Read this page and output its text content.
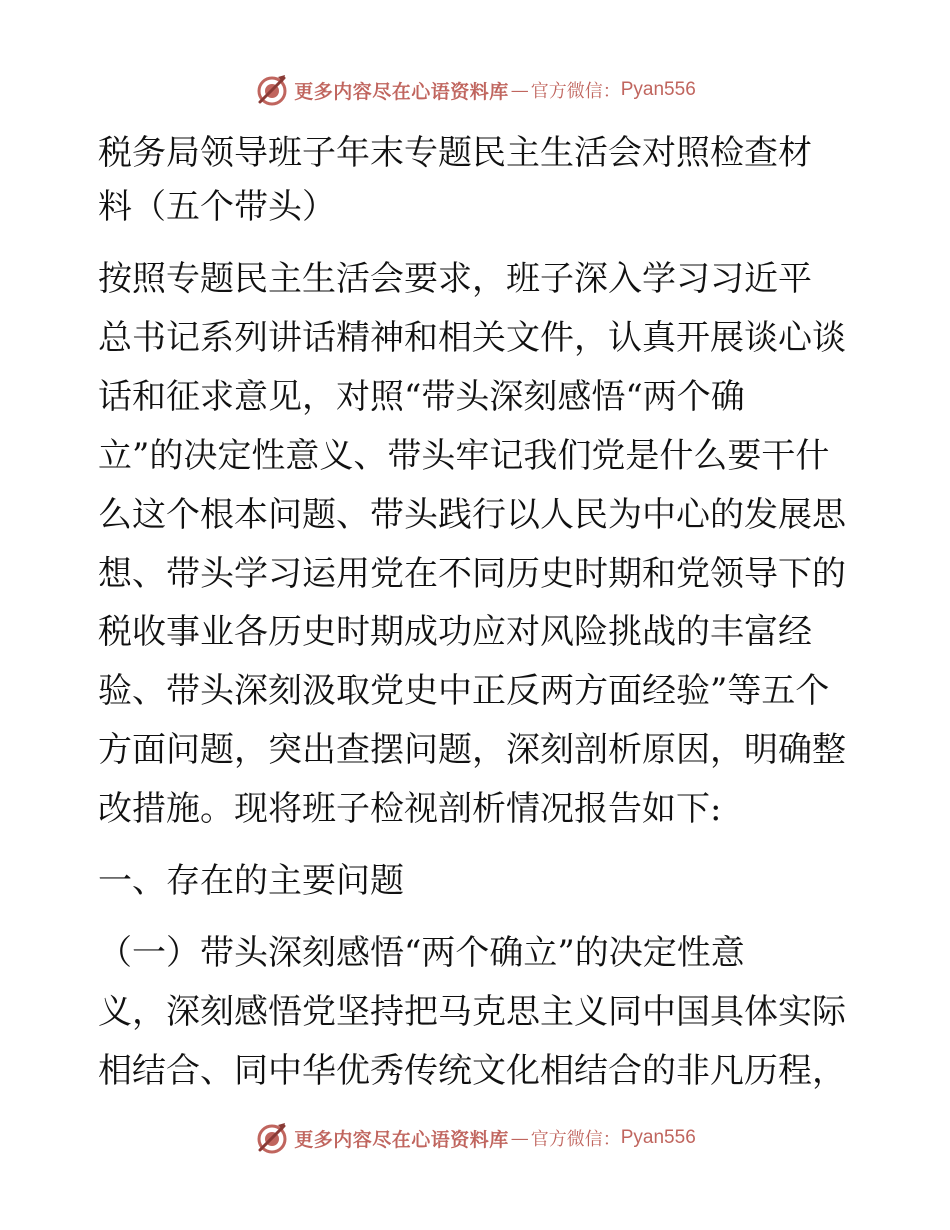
更多内容尽在心语资料库 — 官方微信： Pyan556

税务局领导班子年末专题民主生活会对照检查材

料（五个带头）

按照专题民主生活会要求，班子深入学习习近平

总书记系列讲话精神和相关文件，认真开展谈心谈

话和征求意见，对照“带头深刻感悟“两个确

立”的决定性意义、带头牢记我们党是什么要干什

么这个根本问题、带头践行以人民为中心的发展思

想、带头学习运用党在不同历史时期和党领导下的

税收事业各历史时期成功应对风险挑战的丰富经

验、带头深刻汲取党史中正反两方面经验”等五个

方面问题，突出查摆问题，深刻剖析原因，明确整

改措施。现将班子检视剖析情况报告如下:

一、存在的主要问题

（一）带头深刻感悟“两个确立”的决定性意

义，深刻感悟党坚持把马克思主义同中国具体实际

相结合、同中华优秀传统文化相结合的非凡历程，

更多内容尽在心语资料库 — 官方微信： Pyan556
